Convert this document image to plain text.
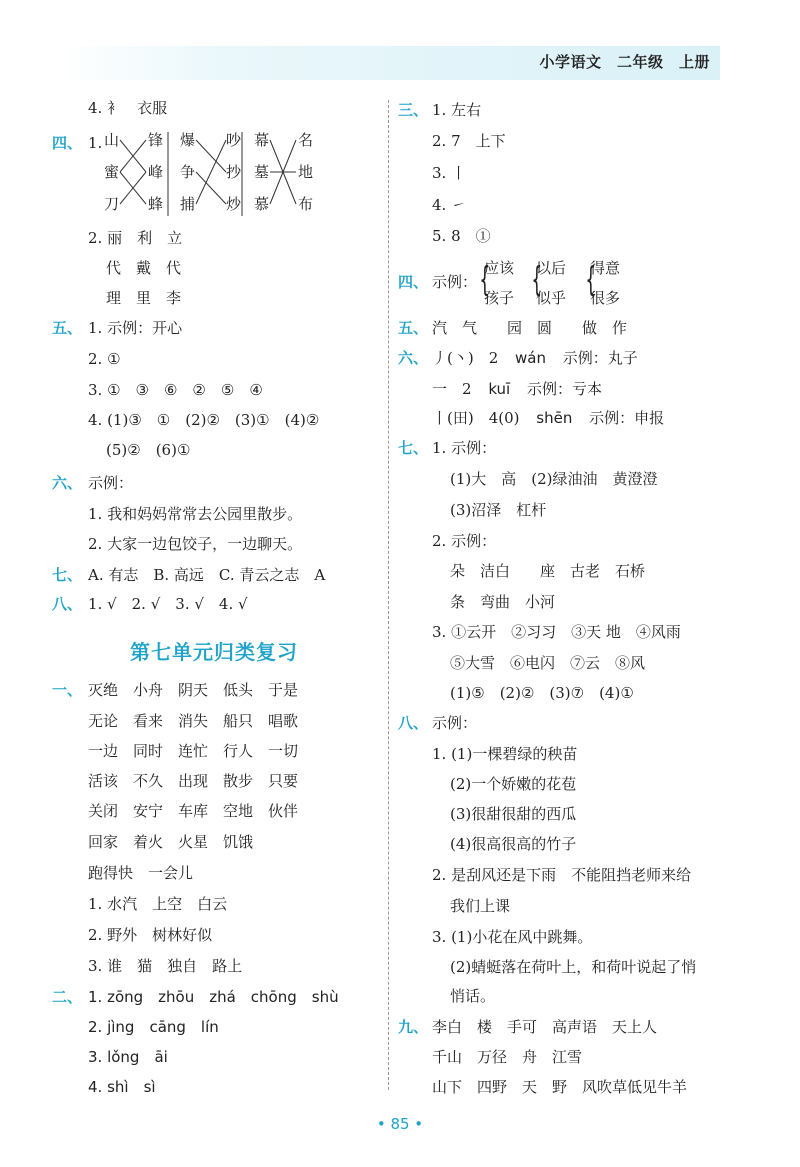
小学语文　二年级　上册
4. 衤　衣服
四、 1. 山
蜜
刀
锋
峰
蜂
爆
争
捕
吵
抄
炒
幕
墓
慕
名
地
布
2. 丽　利　立
代　戴　代
理　里　李
五、 1. 示例：开心
2. ①
3. ①　③　⑥　②　⑤　④
4. (1)③　①　(2)②　(3)①　(4)②
(5)②　(6)①
六、 示例：
1. 我和妈妈常常去公园里散步。
2. 大家一边包饺子，一边聊天。
七、 A. 有志　B. 高远　C. 青云之志　A
八、 1. √　2. √　3. √　4. √
第七单元归类复习
一、 灭绝　小舟　阴天　低头　于是
无论　看来　消失　船只　唱歌
一边　同时　连忙　行人　一切
活该　不久　出现　散步　只要
关闭　安宁　车库　空地　伙伴
回家　着火　火星　饥饿
跑得快　一会儿
1. 水汽　上空　白云
2. 野外　树林好似
3. 谁　猫　独自　路上
二、 1. zōng　zhōu　zhá　chōng　shù
2. jìng　cāng　lín
3. lǒng　āi
4. shì　sì
三、 1. 左右
2. 7　上下
3. 丨
4. ㇀
5. 8　①
四、 示例： {
应该
孩子 {
以后
似乎 {
得意
很多
五、 汽　气　　园　圆　　做　作
六、 丿(丶)　2 wán 示例：丸子
一　2 kuī 示例：亏本
丨(田)　4(0) shēn 示例：申报
七、 1. 示例：
(1)大　高　(2)绿油油　黄澄澄
(3)沼泽　杠杆
2. 示例：
朵　洁白　　座　古老　石桥
条　弯曲　小河
3. ①云开　②习习　③天 地　④风雨
⑤大雪　⑥电闪　⑦云　⑧风
(1)⑤　(2)②　(3)⑦　(4)①
八、 示例：
1. (1)一棵碧绿的秧苗
(2)一个娇嫩的花苞
(3)很甜很甜的西瓜
(4)很高很高的竹子
2. 是刮风还是下雨　不能阻挡老师来给
我们上课
3. (1)小花在风中跳舞。
(2)蜻蜓落在荷叶上，和荷叶说起了悄
悄话。
九、 李白　楼　手可　高声语　天上人
千山　万径　舟　江雪
山下　四野　天　野　风吹草低见牛羊
• 85 •
